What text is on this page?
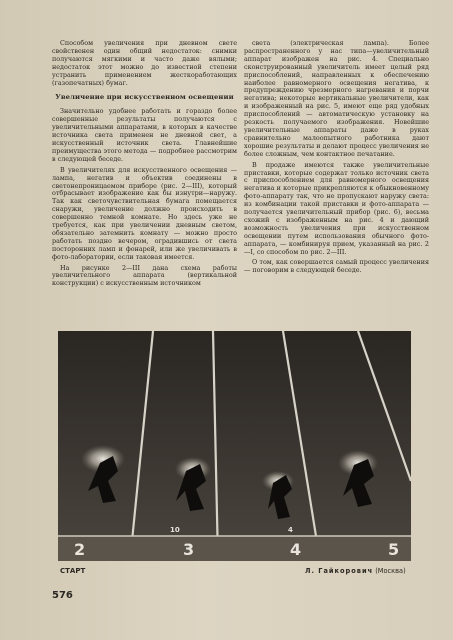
Способом увеличения при дневном свете свойственен один общий недостаток: снимки получаются мягкими и часто даже вялыми; недостаток этот можно до известной степени устранить применением жесткоработающих (газопечатных) бумаг.

Увеличение при искусственном освещении

Значительно удобнее работать и гораздо более совершенные результаты получаются с увеличительными аппаратами, в которых в качестве источника света применен не дневной свет, а искусственный источник света. Главнейшие преимущества этого метода — подробнее рассмотрим в следующей беседе.

В увеличителях для искусственного освещения — лампа, негатив и объектив соединены в светонепроницаемом приборе (рис. 2—III), который отбрасывает изображение как бы изнутри—наружу. Так как светочувствительная бумага помещается снаружи, увеличение должно происходить в совершенно темной комнате. Но здесь уже не требуется, как при увеличении дневным светом, обязательно затемнить комнату — можно просто работать поздно вечером, оградившись от света посторонних ламп и фонарей, или же увеличивать в фото-лаборатории, если таковая имеется.

На рисунке 2—III дана схема работы увеличительного аппарата (вертикальной конструкции) с искусственным источником

света (электрическая лампа). Более распространенного у нас типа—увеличительный аппарат изображен на рис. 4. Специально сконструированный увеличитель имеет целый ряд приспособлений, направленных к обеспечению наиболее равномерного освещения негатива, к предупреждению чрезмерного нагревания и порчи негатива; некоторые вертикальные увеличители, как и изображенный на рис. 5, имеют еще ряд удобных приспособлений — автоматическую установку на резкость получаемого изображения. Новейшие увеличительные аппараты даже в руках сравнительно малоопытного работника дают хорошие результаты и делают процесс увеличения не более сложным, чем контактное печатание.

В продаже имеются также увеличительные приставки, которые содержат только источник света с приспособлением для равномерного освещения негатива и которые прикрепляются к обыкновенному фото-аппарату так, что не пропускают наружу света: из комбинации такой приставки и фото-аппарата — получается увеличительный прибор (рис. 6), весьма схожий с изображенным на рис. 4 и дающий возможность увеличения при искусственном освещении путем использования обычного фото-аппарата, — комбинируя прием, указанный на рис. 2—I, со способом по рис. 2—III.

О том, как совершается самый процесс увеличения — поговорим в следующей беседе.

10	4
2	3	4	5
СТАРТ	Л. Гайкорович (Москва)
576
